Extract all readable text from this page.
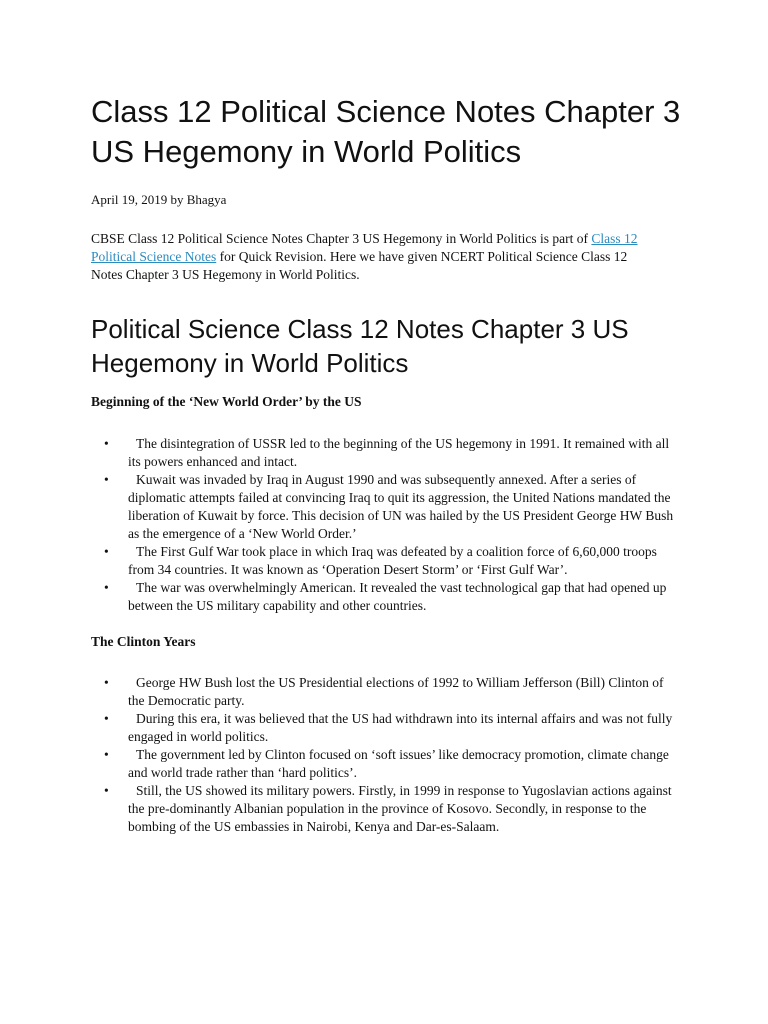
Class 12 Political Science Notes Chapter 3 US Hegemony in World Politics

April 19, 2019 by Bhagya

CBSE Class 12 Political Science Notes Chapter 3 US Hegemony in World Politics is part of Class 12 Political Science Notes for Quick Revision. Here we have given NCERT Political Science Class 12 Notes Chapter 3 US Hegemony in World Politics.

Political Science Class 12 Notes Chapter 3 US Hegemony in World Politics

Beginning of the ‘New World Order’ by the US

• The disintegration of USSR led to the beginning of the US hegemony in 1991. It remained with all its powers enhanced and intact.
• Kuwait was invaded by Iraq in August 1990 and was subsequently annexed. After a series of diplomatic attempts failed at convincing Iraq to quit its aggression, the United Nations mandated the liberation of Kuwait by force. This decision of UN was hailed by the US President George HW Bush as the emergence of a ‘New World Order.’
• The First Gulf War took place in which Iraq was defeated by a coalition force of 6,60,000 troops from 34 countries. It was known as ‘Operation Desert Storm’ or ‘First Gulf War’.
• The war was overwhelmingly American. It revealed the vast technological gap that had opened up between the US military capability and other countries.

The Clinton Years

• George HW Bush lost the US Presidential elections of 1992 to William Jefferson (Bill) Clinton of the Democratic party.
• During this era, it was believed that the US had withdrawn into its internal affairs and was not fully engaged in world politics.
• The government led by Clinton focused on ‘soft issues’ like democracy promotion, climate change and world trade rather than ‘hard politics’.
• Still, the US showed its military powers. Firstly, in 1999 in response to Yugoslavian actions against the pre-dominantly Albanian population in the province of Kosovo. Secondly, in response to the bombing of the US embassies in Nairobi, Kenya and Dar-es-Salaam.
